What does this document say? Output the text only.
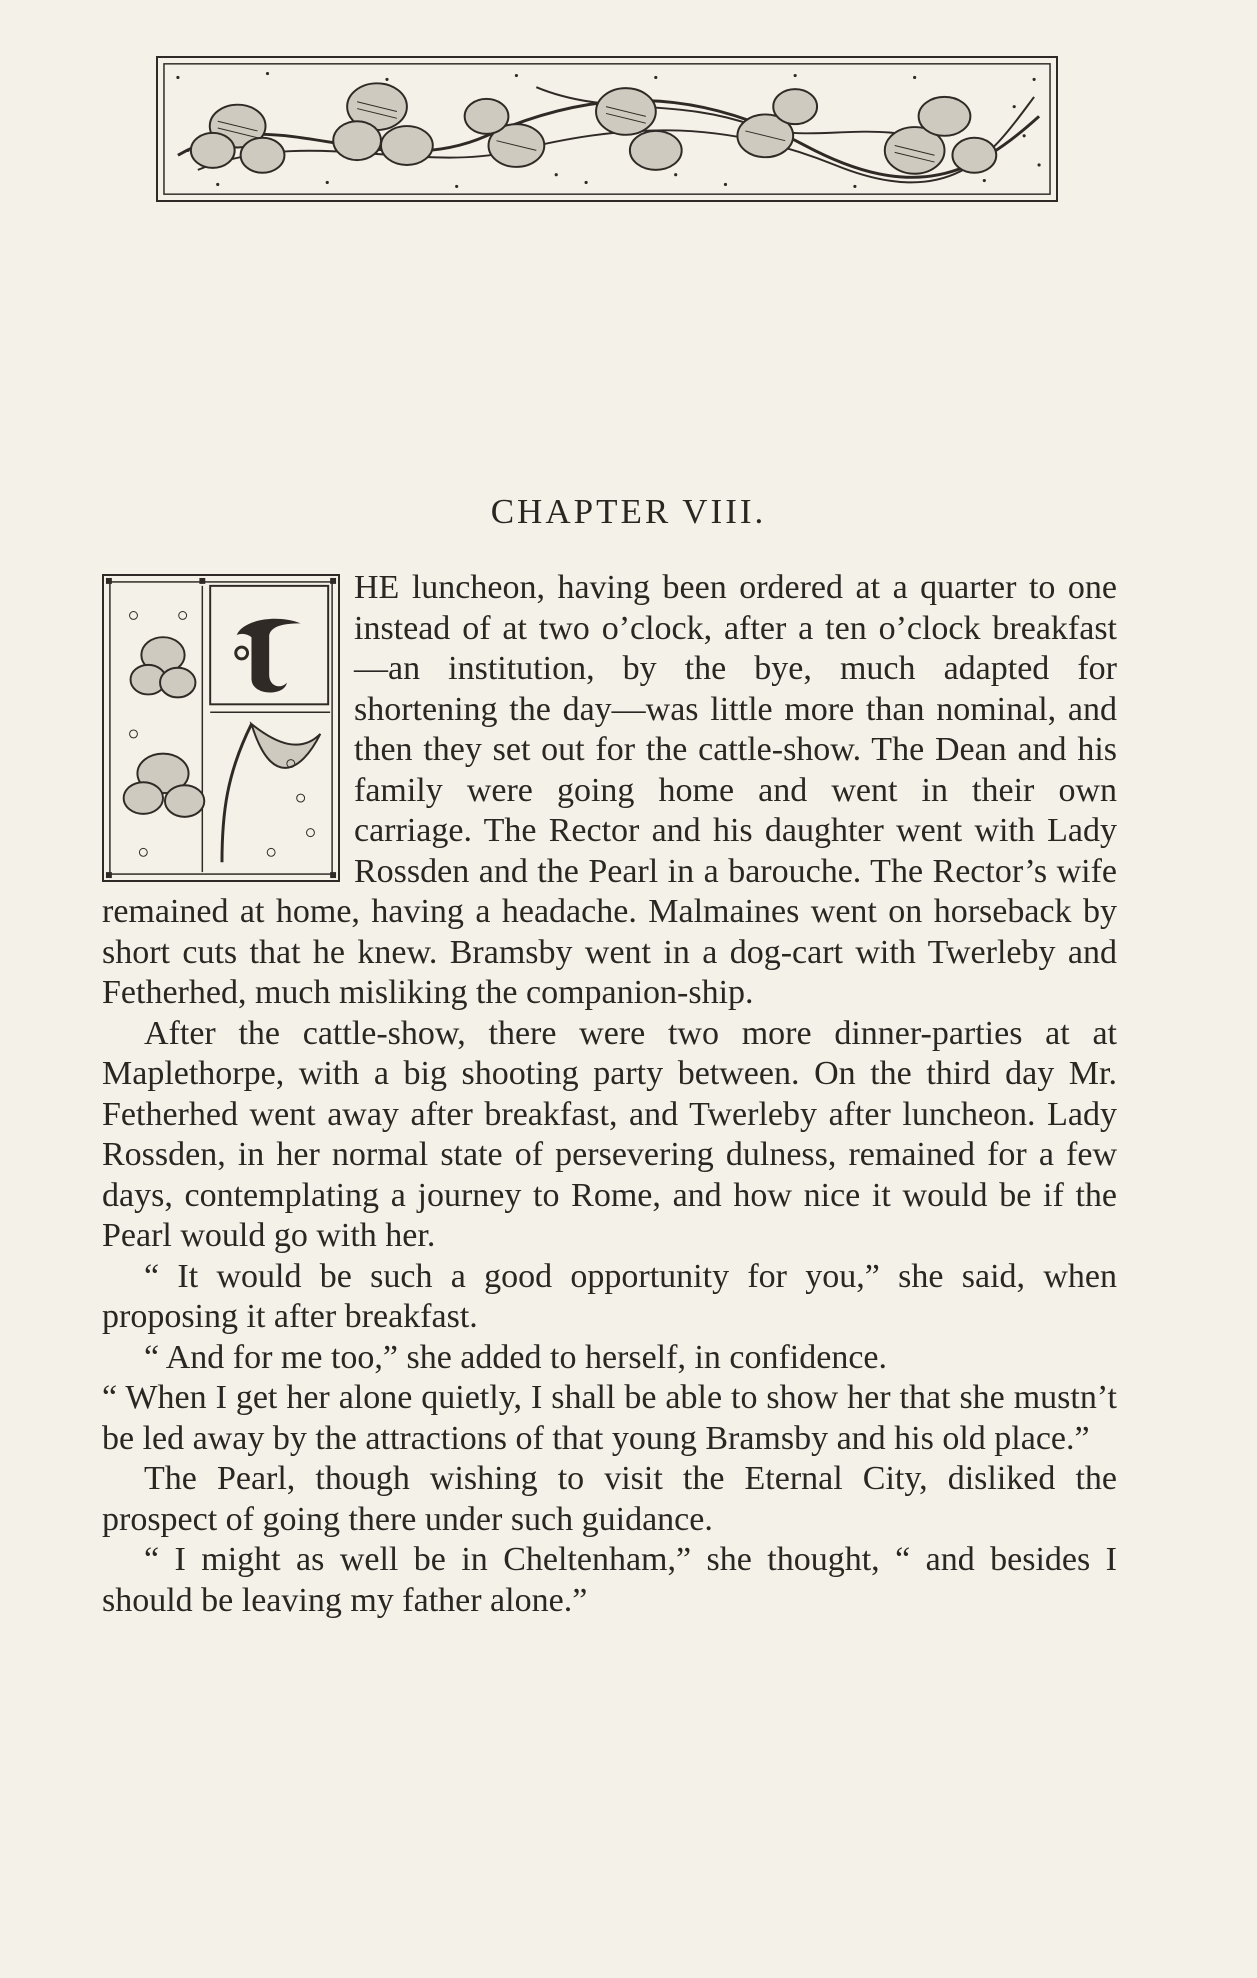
CHAPTER VIII.

HE luncheon, having been ordered at a quarter to one instead of at two o’clock, after a ten o’clock breakfast—an institution, by the bye, much adapted for shortening the day—was little more than nominal, and then they set out for the cattle-show. The Dean and his family were going home and went in their own carriage. The Rector and his daughter went with Lady Rossden and the Pearl in a barouche. The Rector’s wife remained at home, having a headache. Malmaines went on horseback by short cuts that he knew. Bramsby went in a dog-cart with Twerleby and Fetherhed, much misliking the companion-ship.

After the cattle-show, there were two more dinner-parties at at Maplethorpe, with a big shooting party between. On the third day Mr. Fetherhed went away after breakfast, and Twerleby after luncheon. Lady Rossden, in her normal state of persevering dulness, remained for a few days, contemplating a journey to Rome, and how nice it would be if the Pearl would go with her.

“ It would be such a good opportunity for you,” she said, when proposing it after breakfast.

“ And for me too,” she added to herself, in confidence.

“ When I get her alone quietly, I shall be able to show her that she mustn’t be led away by the attractions of that young Bramsby and his old place.”

The Pearl, though wishing to visit the Eternal City, disliked the prospect of going there under such guidance.

“ I might as well be in Cheltenham,” she thought, “ and besides I should be leaving my father alone.”
